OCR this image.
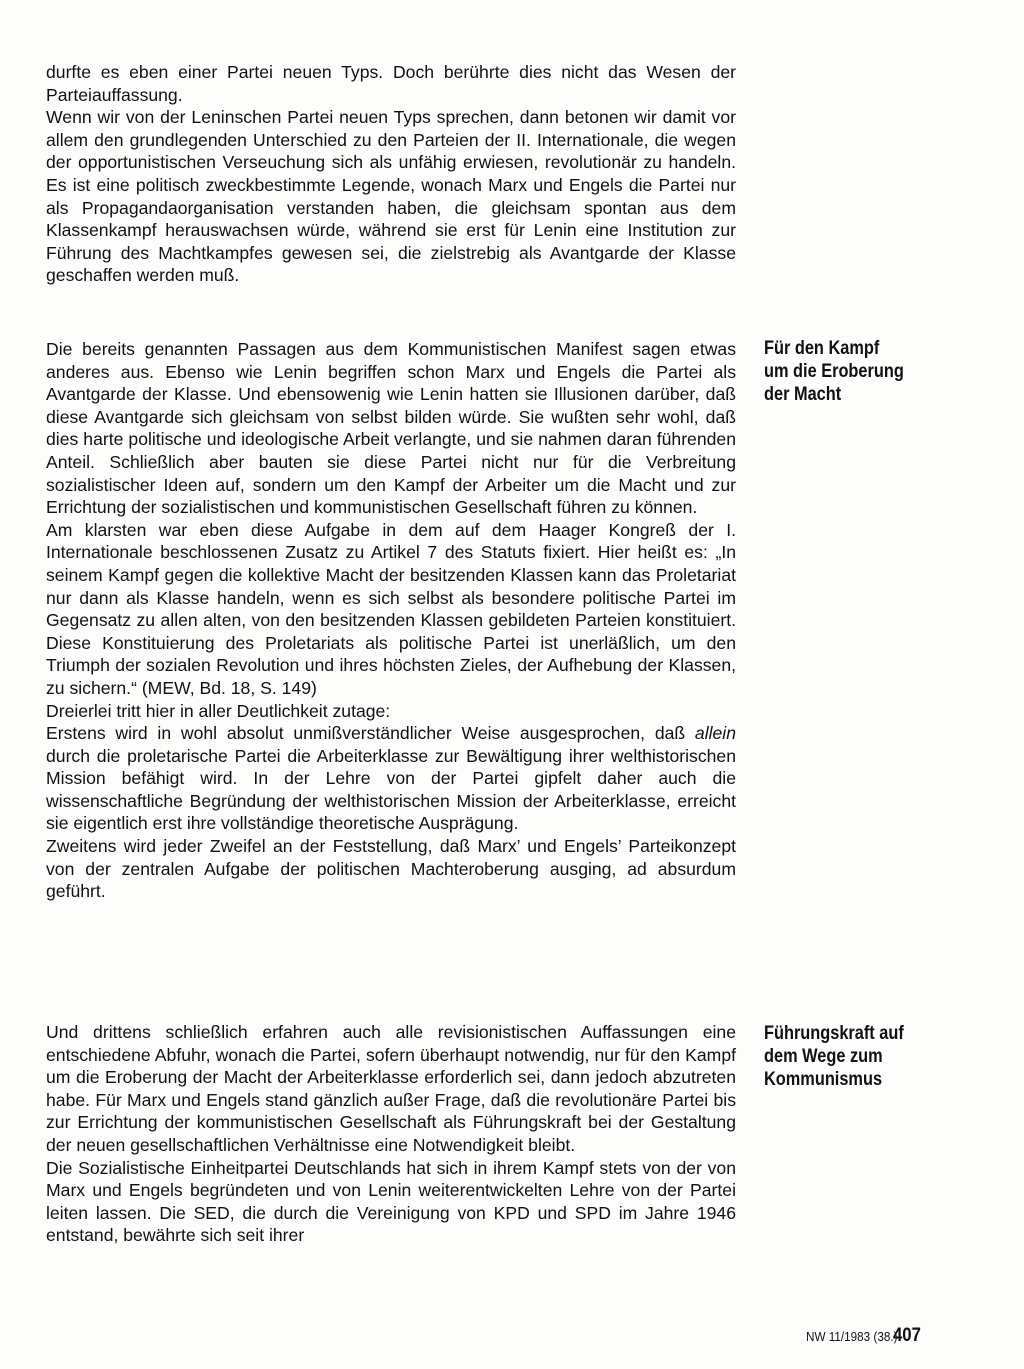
durfte es eben einer Partei neuen Typs. Doch berührte dies nicht das Wesen der Parteiauffassung.

Wenn wir von der Leninschen Partei neuen Typs sprechen, dann betonen wir damit vor allem den grundlegenden Unterschied zu den Parteien der II. Internationale, die wegen der opportunistischen Verseuchung sich als unfähig erwiesen, revolutionär zu handeln. Es ist eine politisch zweckbestimmte Legende, wonach Marx und Engels die Partei nur als Propagandaorganisation verstanden haben, die gleichsam spontan aus dem Klassenkampf herauswachsen würde, während sie erst für Lenin eine Institution zur Führung des Machtkampfes gewesen sei, die zielstrebig als Avantgarde der Klasse geschaffen werden muß.

Für den Kampf
um die Eroberung
der Macht

Die bereits genannten Passagen aus dem Kommunistischen Manifest sagen etwas anderes aus. Ebenso wie Lenin begriffen schon Marx und Engels die Partei als Avantgarde der Klasse. Und ebensowenig wie Lenin hatten sie Illusionen darüber, daß diese Avantgarde sich gleichsam von selbst bilden würde. Sie wußten sehr wohl, daß dies harte politische und ideologische Arbeit verlangte, und sie nahmen daran führenden Anteil. Schließlich aber bauten sie diese Partei nicht nur für die Verbreitung sozialistischer Ideen auf, sondern um den Kampf der Arbeiter um die Macht und zur Errichtung der sozialistischen und kommunistischen Gesellschaft führen zu können.

Am klarsten war eben diese Aufgabe in dem auf dem Haager Kongreß der I. Internationale beschlossenen Zusatz zu Artikel 7 des Statuts fixiert. Hier heißt es: „In seinem Kampf gegen die kollektive Macht der besitzenden Klassen kann das Proletariat nur dann als Klasse handeln, wenn es sich selbst als besondere politische Partei im Gegensatz zu allen alten, von den besitzenden Klassen gebildeten Parteien konstituiert. Diese Konstituierung des Proletariats als politische Partei ist unerläßlich, um den Triumph der sozialen Revolution und ihres höchsten Zieles, der Aufhebung der Klassen, zu sichern.“ (MEW, Bd. 18, S. 149)

Dreierlei tritt hier in aller Deutlichkeit zutage:

Erstens wird in wohl absolut unmißverständlicher Weise ausgesprochen, daß allein durch die proletarische Partei die Arbeiterklasse zur Bewältigung ihrer welthistorischen Mission befähigt wird. In der Lehre von der Partei gipfelt daher auch die wissenschaftliche Begründung der welthistorischen Mission der Arbeiterklasse, erreicht sie eigentlich erst ihre vollständige theoretische Ausprägung.

Zweitens wird jeder Zweifel an der Feststellung, daß Marx’ und Engels’ Parteikonzept von der zentralen Aufgabe der politischen Machteroberung ausging, ad absurdum geführt.

Führungskraft auf
dem Wege zum
Kommunismus

Und drittens schließlich erfahren auch alle revisionistischen Auffassungen eine entschiedene Abfuhr, wonach die Partei, sofern überhaupt notwendig, nur für den Kampf um die Eroberung der Macht der Arbeiterklasse erforderlich sei, dann jedoch abzutreten habe. Für Marx und Engels stand gänzlich außer Frage, daß die revolutionäre Partei bis zur Errichtung der kommunistischen Gesellschaft als Führungskraft bei der Gestaltung der neuen gesellschaftlichen Verhältnisse eine Notwendigkeit bleibt.

Die Sozialistische Einheitpartei Deutschlands hat sich in ihrem Kampf stets von der von Marx und Engels begründeten und von Lenin weiterentwickelten Lehre von der Partei leiten lassen. Die SED, die durch die Vereinigung von KPD und SPD im Jahre 1946 entstand, bewährte sich seit ihrer

NW 11/1983 (38.)
407
